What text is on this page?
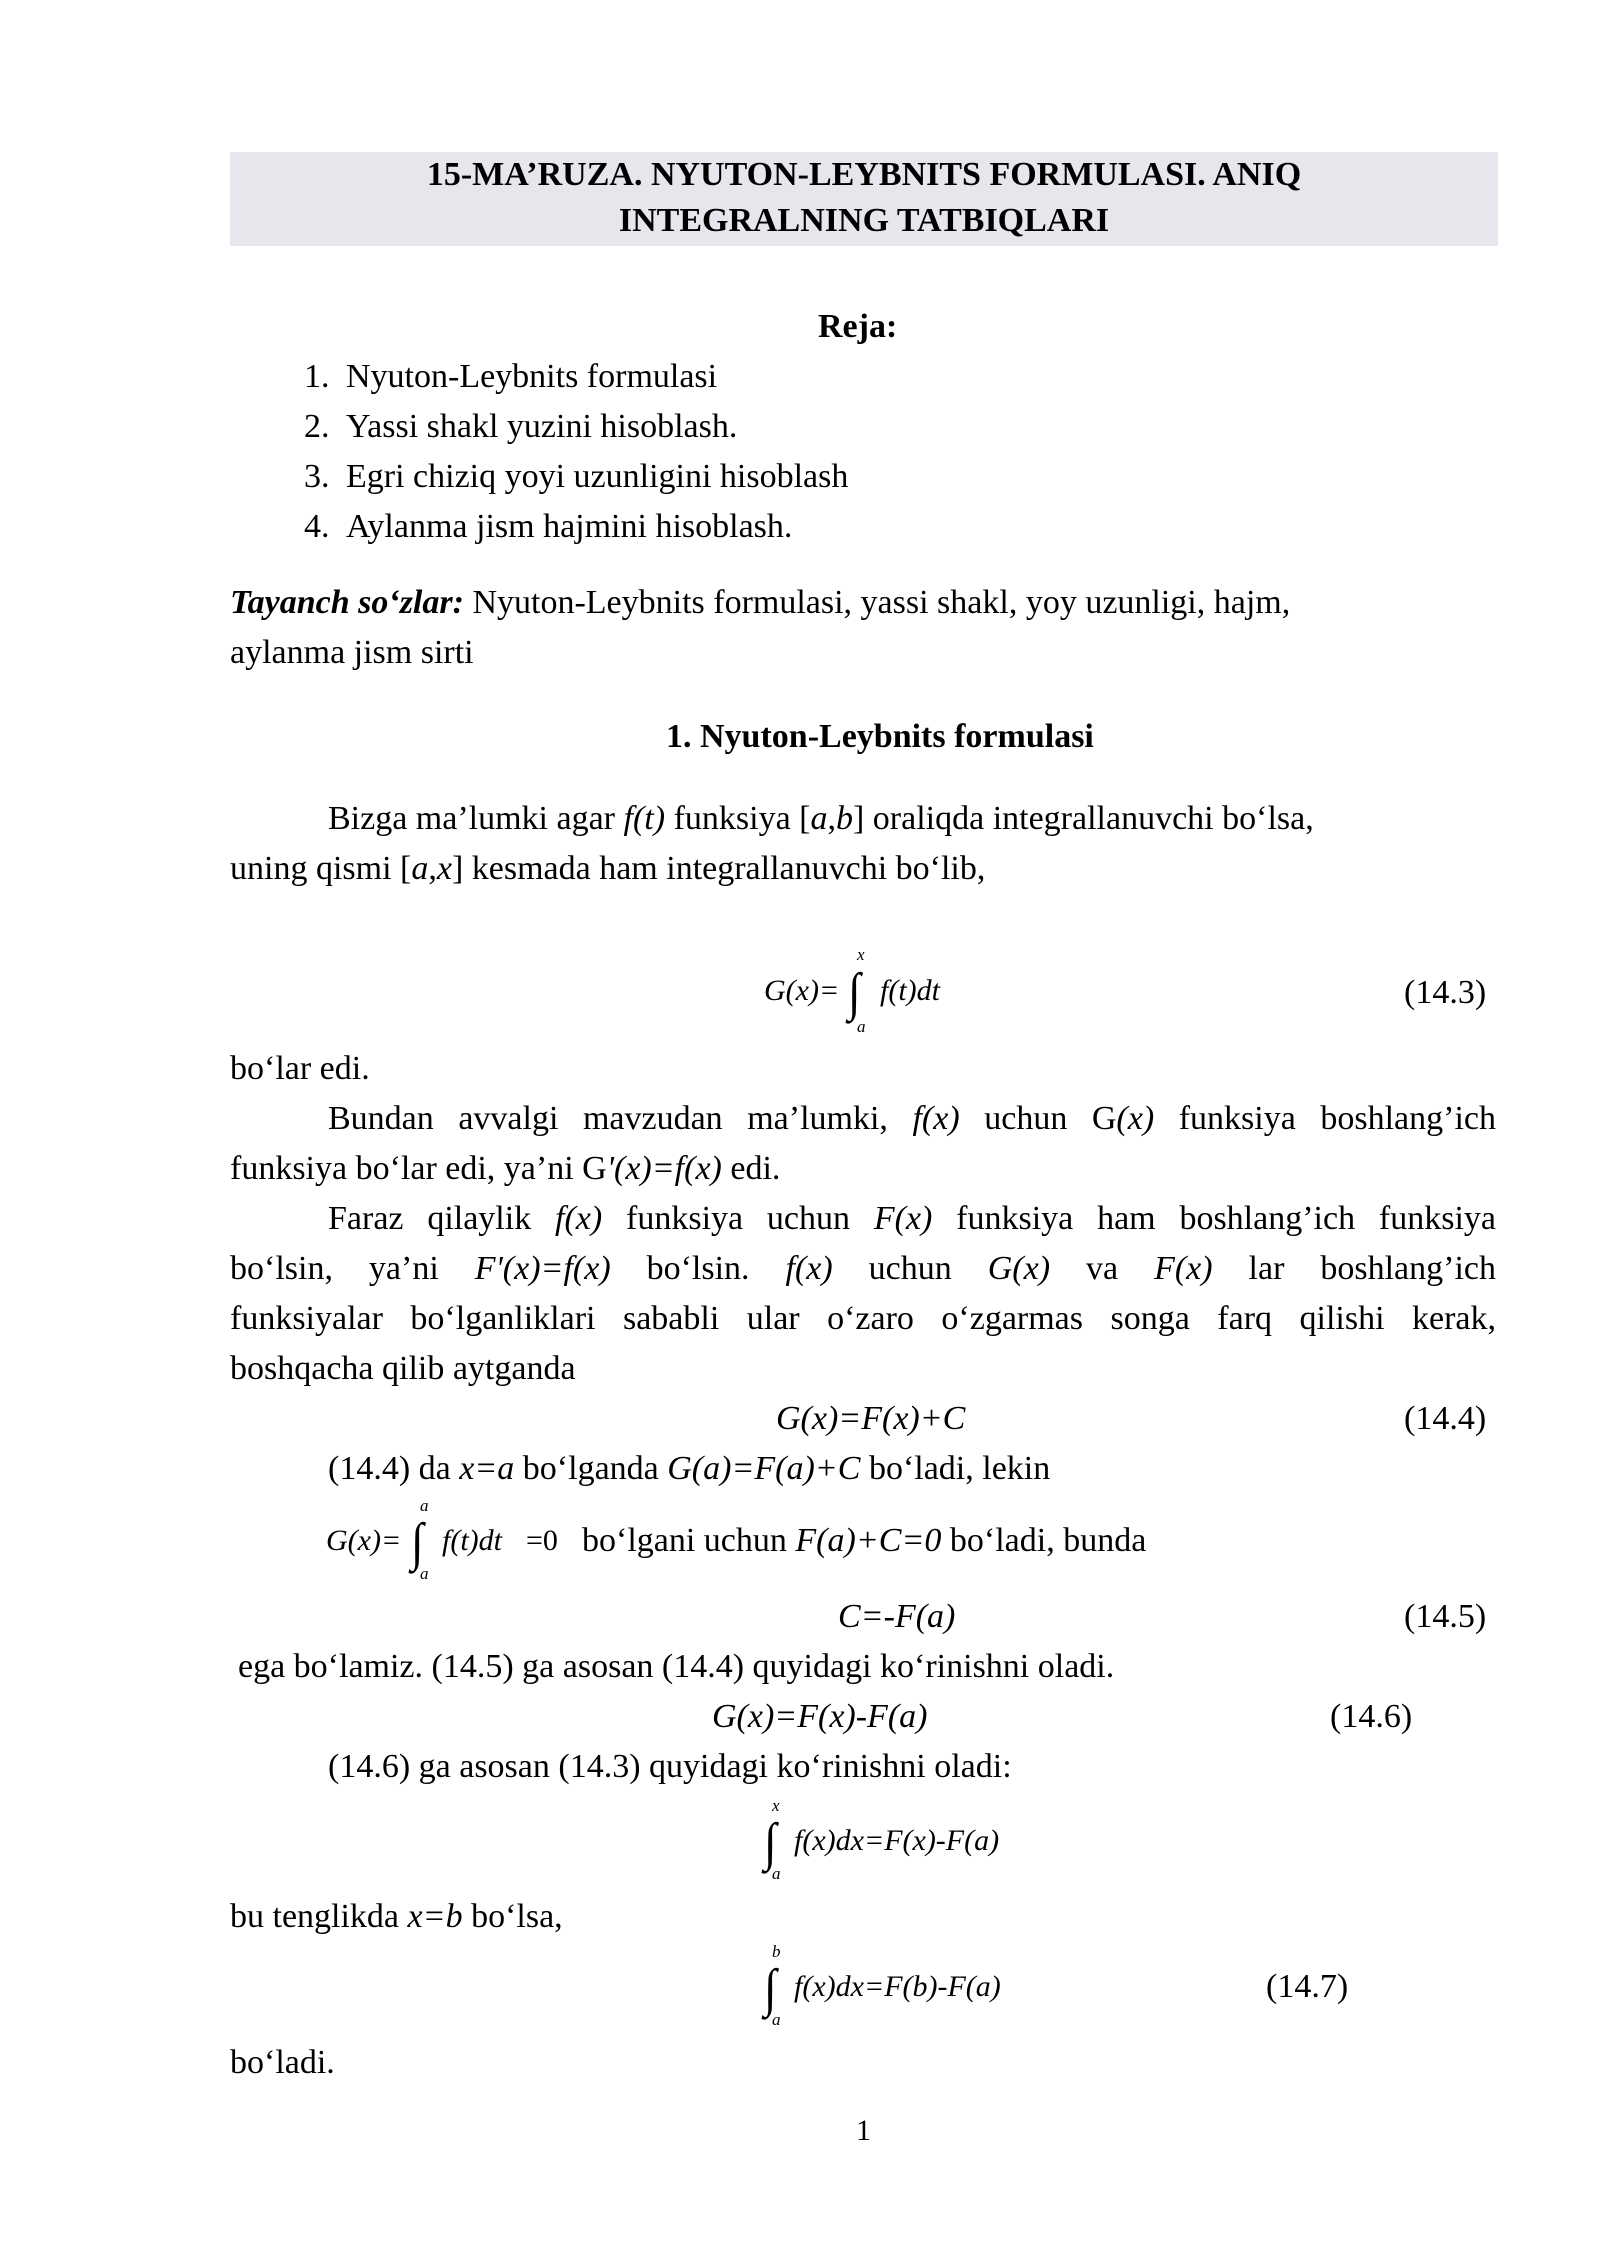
15-MA’RUZA. NYUTON-LEYBNITS FORMULASI. ANIQ
INTEGRALNING TATBIQLARI
Reja:
1. Nyuton-Leybnits formulasi
2. Yassi shakl yuzini hisoblash.
3. Egri chiziq yoyi uzunligini hisoblash
4. Aylanma jism hajmini hisoblash.
Tayanch so‘zlar: Nyuton-Leybnits formulasi, yassi shakl, yoy uzunligi, hajm,
aylanma jism sirti
1. Nyuton-Leybnits formulasi
Bizga ma’lumki agar f(t) funksiya [a,b] oraliqda integrallanuvchi bo‘lsa,
uning qismi [a,x] kesmada ham integrallanuvchi bo‘lib,
G(x)=
x
∫
a
f(t)dt	(14.3)
bo‘lar edi.
Bundan avvalgi mavzudan ma’lumki, f(x) uchun G(x) funksiya boshlang’ich
funksiya bo‘lar edi, ya’ni G'(x)=f(x) edi.
Faraz qilaylik f(x) funksiya uchun F(x) funksiya ham boshlang’ich funksiya
bo‘lsin, ya’ni F'(x)=f(x) bo‘lsin. f(x) uchun G(x) va F(x) lar boshlang’ich
funksiyalar bo‘lganliklari sababli ular o‘zaro o‘zgarmas songa farq qilishi kerak,
boshqacha qilib aytganda
G(x)=F(x)+C	(14.4)
(14.4) da x=a bo‘lganda G(a)=F(a)+C bo‘ladi, lekin
G(x)=
a
∫
a
f(t)dt =0 bo‘lgani uchun F(a)+C=0 bo‘ladi, bunda
C=-F(a)	(14.5)
ega bo‘lamiz. (14.5) ga asosan (14.4) quyidagi ko‘rinishni oladi.
G(x)=F(x)-F(a)	(14.6)
(14.6) ga asosan (14.3) quyidagi ko‘rinishni oladi:
x
∫
a
f(x)dx=F(x)-F(a)
bu tenglikda x=b bo‘lsa,
b
∫
a
f(x)dx=F(b)-F(a)	(14.7)
bo‘ladi.
1
